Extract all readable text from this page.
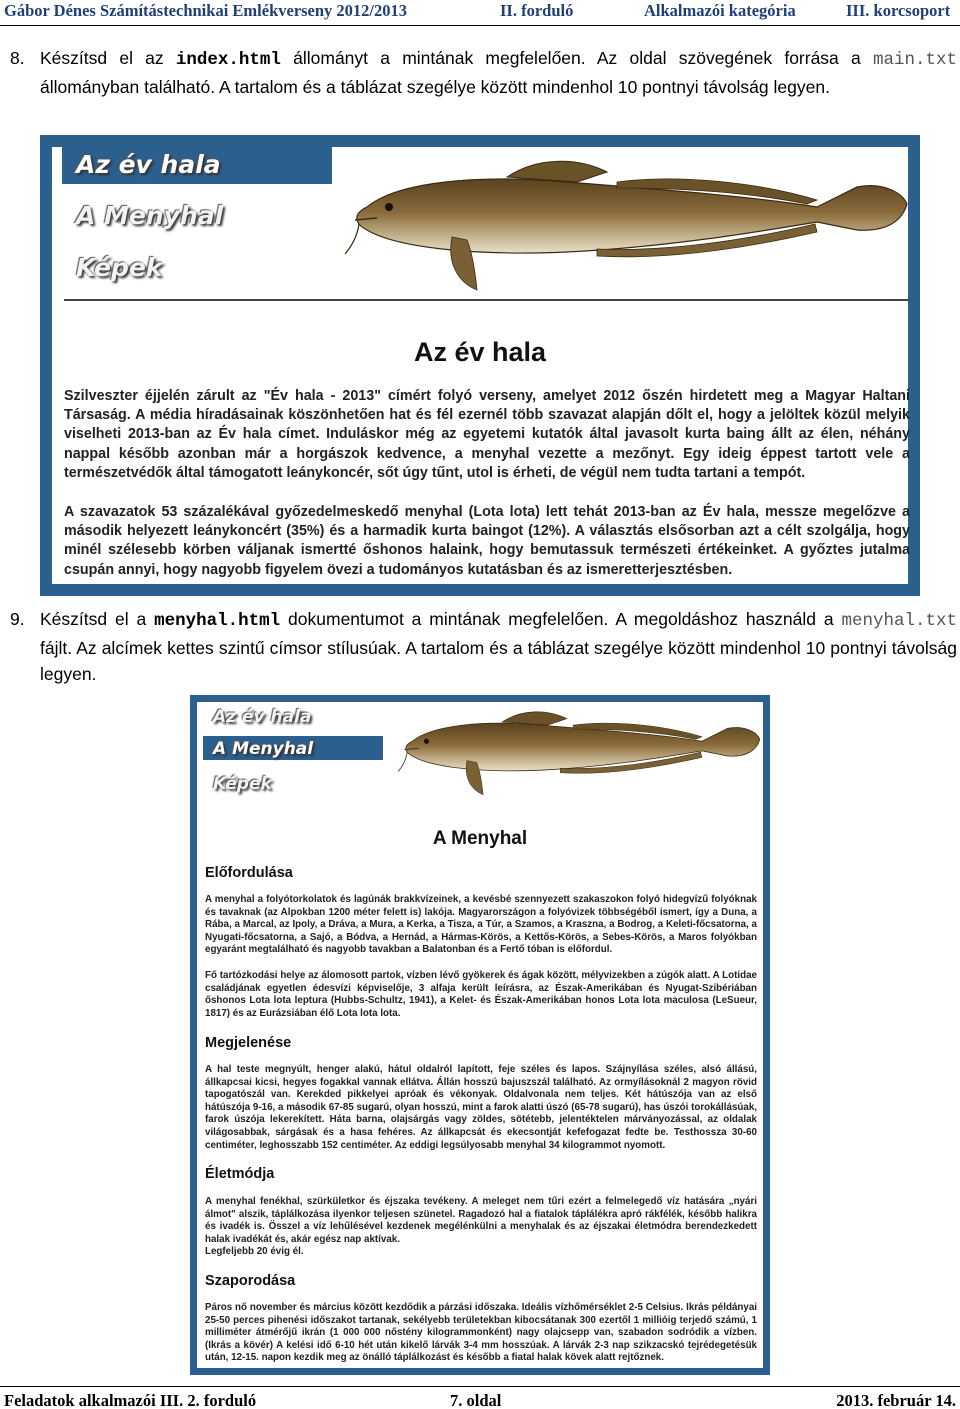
Gábor Dénes Számítástechnikai Emlékverseny 2012/2013	II. forduló	Alkalmazói kategória	III. korcsoport
8. Készítsd el az index.html állományt a mintának megfelelően. Az oldal szövegének forrása a main.txt állományban található. A tartalom és a táblázat szegélye között mindenhol 10 pontnyi távolság legyen.
Az év hala
A Menyhal
Képek
Az év hala
Szilveszter éjjelén zárult az "Év hala - 2013" címért folyó verseny, amelyet 2012 őszén hirdetett meg a Magyar Haltani Társaság. A média híradásainak köszönhetően hat és fél ezernél több szavazat alapján dőlt el, hogy a jelöltek közül melyik viselheti 2013-ban az Év hala címet. Induláskor még az egyetemi kutatók által javasolt kurta baing állt az élen, néhány nappal később azonban már a horgászok kedvence, a menyhal vezette a mezőnyt. Egy ideig éppest tartott vele a természetvédők által támogatott leánykoncér, sőt úgy tűnt, utol is érheti, de végül nem tudta tartani a tempót.
A szavazatok 53 százalékával győzedelmeskedő menyhal (Lota lota) lett tehát 2013-ban az Év hala, messze megelőzve a második helyezett leánykoncért (35%) és a harmadik kurta baingot (12%). A választás elsősorban azt a célt szolgálja, hogy minél szélesebb körben váljanak ismertté őshonos halaink, hogy bemutassuk természeti értékeinket. A győztes jutalma csupán annyi, hogy nagyobb figyelem övezi a tudományos kutatásban és az ismeretterjesztésben.
9. Készítsd el a menyhal.html dokumentumot a mintának megfelelően. A megoldáshoz használd a menyhal.txt fájlt. Az alcímek kettes szintű címsor stílusúak. A tartalom és a táblázat szegélye között mindenhol 10 pontnyi távolság legyen.
Az év hala
A Menyhal
Képek
A Menyhal
Előfordulása
A menyhal a folyótorkolatok és lagúnák brakkvízeinek, a kevésbé szennyezett szakaszokon folyó hidegvízű folyóknak és tavaknak (az Alpokban 1200 méter felett is) lakója. Magyarországon a folyóvizek többségéből ismert, így a Duna, a Rába, a Marcal, az Ipoly, a Dráva, a Mura, a Kerka, a Tisza, a Túr, a Szamos, a Kraszna, a Bodrog, a Keleti-főcsatorna, a Nyugati-főcsatorna, a Sajó, a Bódva, a Hernád, a Hármas-Körös, a Kettős-Körös, a Sebes-Körös, a Maros folyókban egyaránt megtalálható és nagyobb tavakban a Balatonban és a Fertő tóban is előfordul.
Fő tartózkodási helye az álomosott partok, vízben lévő gyökerek és ágak között, mélyvizekben a zúgók alatt. A Lotidae családjának egyetlen édesvízi képviselője, 3 alfaja került leírásra, az Észak-Amerikában és Nyugat-Szibériában őshonos Lota lota leptura (Hubbs-Schultz, 1941), a Kelet- és Észak-Amerikában honos Lota lota maculosa (LeSueur, 1817) és az Eurázsiában élő Lota lota lota.
Megjelenése
A hal teste megnyúlt, henger alakú, hátul oldalról lapított, feje széles és lapos. Szájnyílása széles, alsó állású, állkapcsai kicsi, hegyes fogakkal vannak ellátva. Állán hosszú bajuszszál található. Az ormyílásoknál 2 magyon rövid tapogatószál van. Kerekded pikkelyei apróak és vékonyak. Oldalvonala nem teljes. Két hátúszója van az első hátúszója 9-16, a második 67-85 sugarú, olyan hosszú, mint a farok alatti úszó (65-78 sugarú), has úszói torokállásúak, farok úszója lekerekített. Háta barna, olajsárgás vagy zöldes, sötétebb, jelentéktelen márványozással, az oldalak világosabbak, sárgásak és a hasa fehéres. Az állkapcsát és ekecsontját kefefogazat fedte be. Testhossza 30-60 centiméter, leghosszabb 152 centiméter. Az eddigi legsúlyosabb menyhal 34 kilogrammot nyomott.
Életmódja
A menyhal fenékhal, szürkületkor és éjszaka tevékeny. A meleget nem tűri ezért a felmelegedő víz hatására „nyári álmot" alszik, táplálkozása ilyenkor teljesen szünetel. Ragadozó hal a fiatalok táplálékra apró rákfélék, később halikra és ivadék is. Összel a víz lehűlésével kezdenek megélénkülni a menyhalak és az éjszakai életmódra berendezkedett halak ivadékát és, akár egész nap aktívak.
Legfeljebb 20 évig él.
Szaporodása
Páros nő november és március között kezdődik a párzási időszaka. Ideális vízhőmérséklet 2-5 Celsius. Ikrás példányai 25-50 perces pihenési időszakot tartanak, sekélyebb területekban kibocsátanak 300 ezertől 1 millióig terjedő számú, 1 milliméter átmérőjű ikrán (1 000 000 nőstény kilogrammonként) nagy olajcsepp van, szabadon sodródik a vízben. (Ikrás a kövér) A kelési idő 6-10 hét után kikelő lárvák 3-4 mm hosszúak. A lárvák 2-3 nap szikzacskó tejrédegetésük után, 12-15. napon kezdik meg az önálló táplálkozást és később a fiatal halak kövek alatt rejtőznek.
Feladatok alkalmazói III. 2. forduló	7. oldal	2013. február 14.
